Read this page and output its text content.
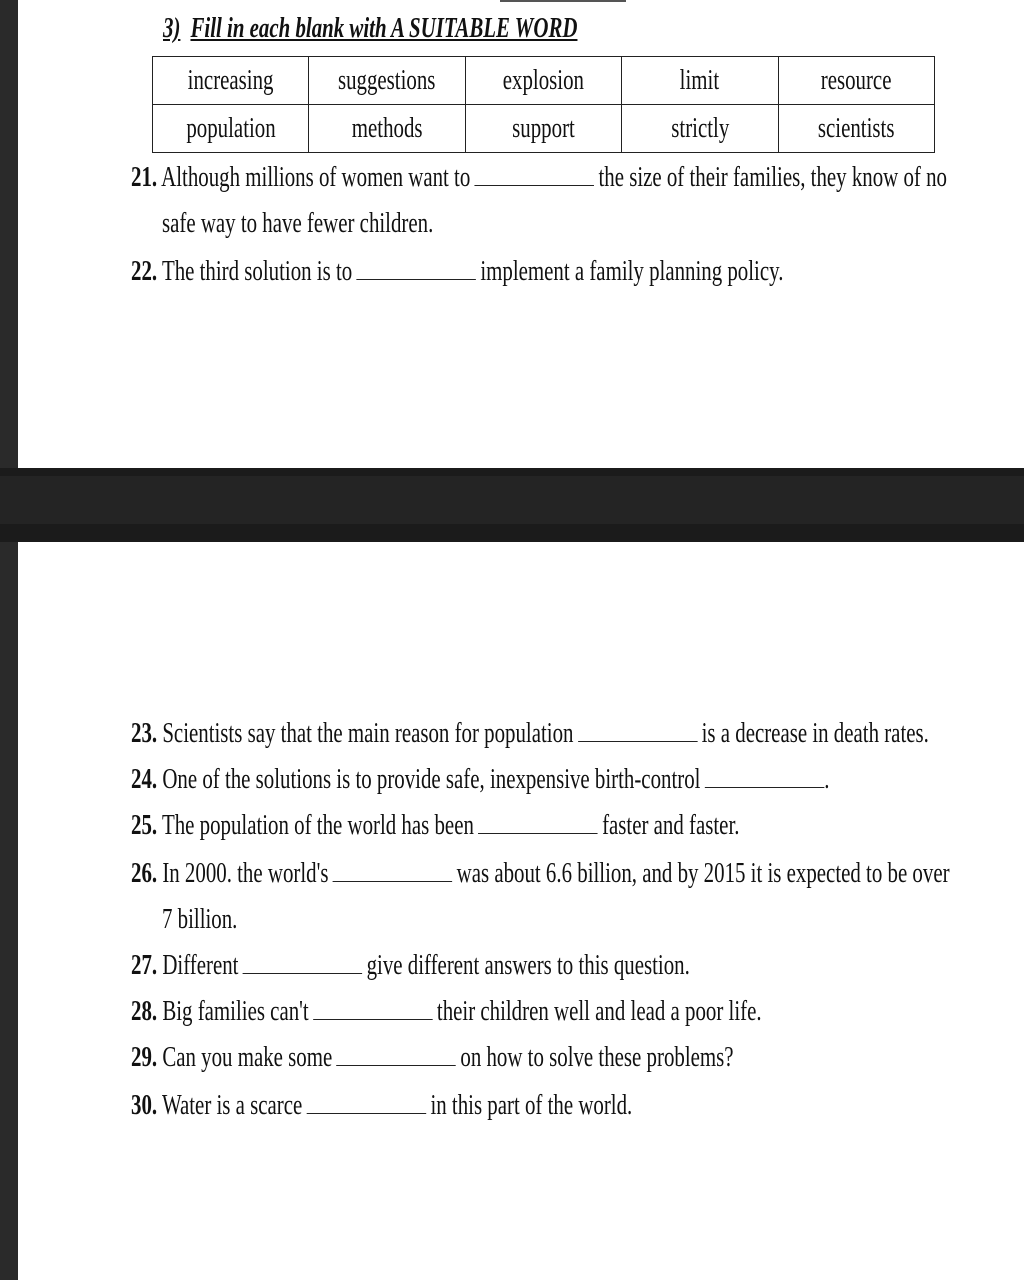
3) Fill in each blank with A SUITABLE WORD
increasing	suggestions	explosion	limit	resource
population	methods	support	strictly	scientists
21. Although millions of women want to	the size of their families, they know of no
safe way to have fewer children.
22. The third solution is to	implement a family planning policy.
23. Scientists say that the main reason for population	is a decrease in death rates.
24. One of the solutions is to provide safe, inexpensive birth-control	.
25. The population of the world has been	faster and faster.
26. In 2000. the world's	was about 6.6 billion, and by 2015 it is expected to be over
7 billion.
27. Different	give different answers to this question.
28. Big families can't	their children well and lead a poor life.
29. Can you make some	on how to solve these problems?
30. Water is a scarce	in this part of the world.
